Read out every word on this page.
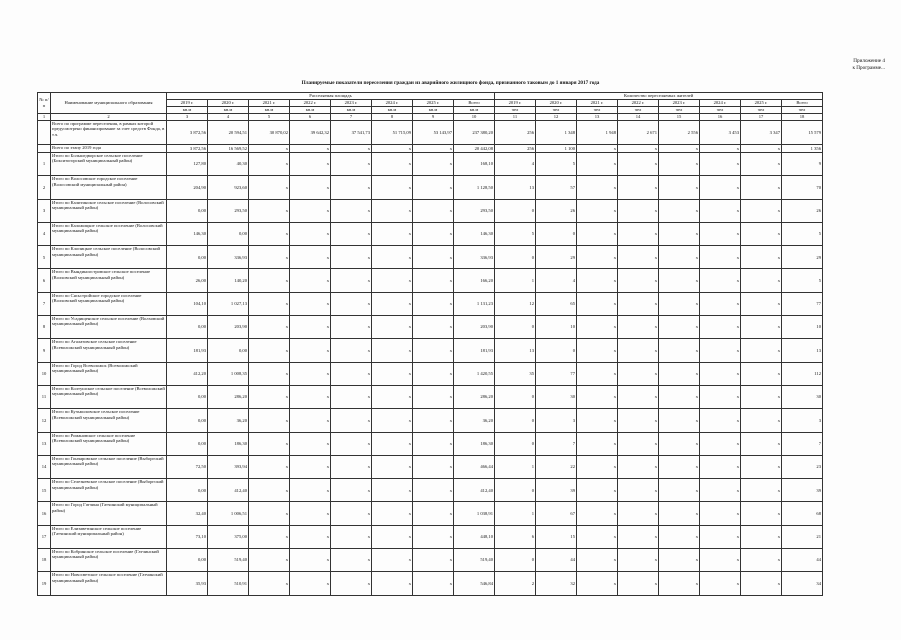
Приложение 4
к Программе...
Планируемые показатели переселения граждан из аварийного жилищного фонда, признанного таковым до 1 января 2017 года
№ п/п	Наименование муниципального образования	Расселяемая площадь								Количество переселяемых жителей							
		2019 г.	2020 г.	2021 г.	2022 г.	2023 г.	2024 г.	2025 г.	Всего	2019 г.	2020 г.	2021 г.	2022 г.	2023 г.	2024 г.	2025 г.	Всего
		кв.м	кв.м	кв.м	кв.м	кв.м	кв.м	кв.м	кв.м	чел	чел	чел	чел	чел	чел	чел	чел
1	2	3	4	5	6	7	8	9	10	11	12	13	14	15	16	17	18
	Всего по программе переселения, в рамках которой предусмотрено финансирование за счет средств Фонда, в т.ч.	3 872,56	20 594,51	30 870,02	39 642,32	37 541,73	51 715,09	53 143,97	237 380,20	256	1 348	1 948	2 671	2 556	3 453	3 347	15 579
	Всего по этапу 2019 года	3 872,56	16 569,52	x	x	x	x	x	20 442,08	256	1 100	x	x	x	x	x	1 356
1	Итого по Большедворское сельское поселение (Бокситогорский муниципальный район)	127,80	40,30	x	x	x	x	x	168,10	4	5	x	x	x	x	x	9
2	Итого по Волосовское городское поселение (Волосовский муниципальный район)	204,90	923,60	x	x	x	x	x	1 128,50	13	57	x	x	x	x	x	70
3	Итого по Калитинское сельское поселение (Волосовский муниципальный район)	0,00	293,50	x	x	x	x	x	293,50	0	26	x	x	x	x	x	26
4	Итого по Каложицкое сельское поселение (Волосовский муниципальный район)	146,30	0,00	x	x	x	x	x	146,30	5	0	x	x	x	x	x	5
5	Итого по Клопицкое сельское поселение (Волосовский муниципальный район)	0,00	336,93	x	x	x	x	x	336,93	0	29	x	x	x	x	x	29
6	Итого по Вындиноостровское сельское поселение (Волховский муниципальный район)	26,00	140,20	x	x	x	x	x	166,20	1	4	x	x	x	x	x	5
7	Итого по Сясьстройское городское поселение (Волховский муниципальный район)	104,10	1 027,13	x	x	x	x	x	1 131,23	12	65	x	x	x	x	x	77
8	Итого по Усадищенское сельское поселение (Волховский муниципальный район)	0,00	203,90	x	x	x	x	x	203,90	0	10	x	x	x	x	x	10
9	Итого по Агалатовское сельское поселение (Всеволожский муниципальный район)	181,93	0,00	x	x	x	x	x	181,93	13	0	x	x	x	x	x	13
10	Итого по Город Всеволожск (Всеволожский муниципальный район)	412,20	1 008,35	x	x	x	x	x	1 420,55	35	77	x	x	x	x	x	112
11	Итого по Колтушское сельское поселение (Всеволожский муниципальный район)	0,00	286,20	x	x	x	x	x	286,20	0	30	x	x	x	x	x	30
12	Итого по Кузьмоловское сельское поселение (Всеволожский муниципальный район)	0,00	36,20	x	x	x	x	x	36,20	0	3	x	x	x	x	x	3
13	Итого по Романовское сельское поселение (Всеволожский муниципальный район)	0,00	186,30	x	x	x	x	x	186,30	0	7	x	x	x	x	x	7
14	Итого по Гончаровское сельское поселение (Выборгский муниципальный район)	72,50	393,94	x	x	x	x	x	466,44	1	22	x	x	x	x	x	23
15	Итого по Селезневское сельское поселение (Выборгский муниципальный район)	0,00	412,40	x	x	x	x	x	412,40	0	39	x	x	x	x	x	39
16	Итого по Город Гатчина (Гатчинский муниципальный район)	32,40	1 006,51	x	x	x	x	x	1 038,91	1	67	x	x	x	x	x	68
17	Итого по Елизаветинское сельское поселение (Гатчинский муниципальный район)	73,10	375,00	x	x	x	x	x	448,10	6	15	x	x	x	x	x	21
18	Итого по Кобринское сельское поселение (Гатчинский муниципальный район)	0,00	519,40	x	x	x	x	x	519,40	0	44	x	x	x	x	x	44
19	Итого по Новосветское сельское поселение (Гатчинский муниципальный район)	35,93	510,91	x	x	x	x	x	546,84	2	32	x	x	x	x	x	34
